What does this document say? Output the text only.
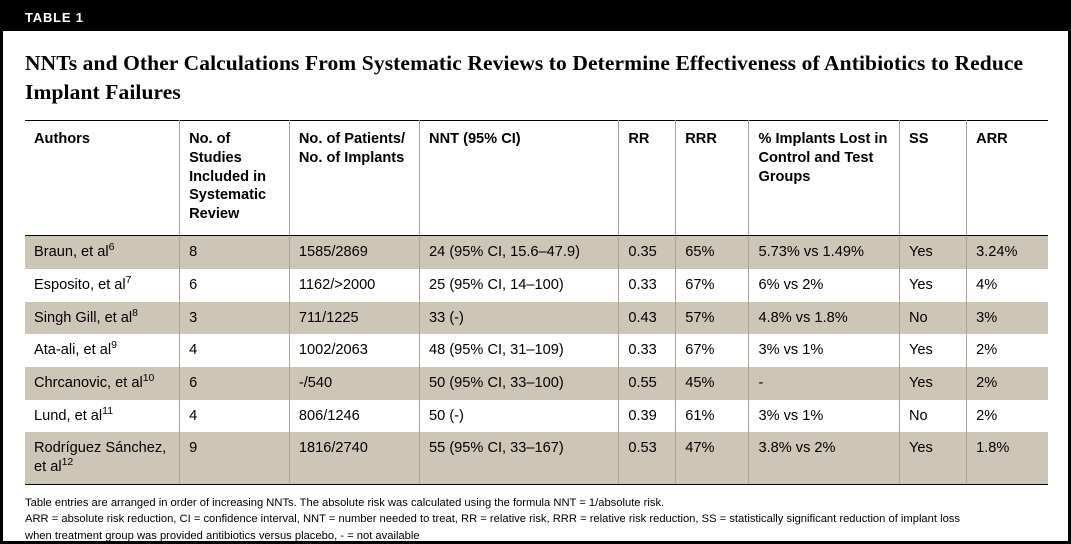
TABLE 1
NNTs and Other Calculations From Systematic Reviews to Determine Effectiveness of Antibiotics to Reduce Implant Failures
Authors	No. of Studies Included in Systematic Review	No. of Patients/ No. of Implants	NNT (95% CI)	RR	RRR	% Implants Lost in Control and Test Groups	SS	ARR
Braun, et $al^6$	8	1585/2869	24 (95% CI, 15.6–47.9)	0.35	65%	5.73% vs 1.49%	Yes	3.24%
Esposito, et $al^7$	6	1162/>2000	25 (95% CI, 14–100)	0.33	67%	6% vs 2%	Yes	4%
Singh Gill, et $al^8$	3	711/1225	33 (-)	0.43	57%	4.8% vs 1.8%	No	3%
Ata-ali, et $al^9$	4	1002/2063	48 (95% CI, 31–109)	0.33	67%	3% vs 1%	Yes	2%
Chrcanovic, et $al^{10}$	6	-/540	50 (95% CI, 33–100)	0.55	45%	-	Yes	2%
Lund, et $al^{11}$	4	806/1246	50 (-)	0.39	61%	3% vs 1%	No	2%
Rodríguez Sánchez, et $al^{12}$	9	1816/2740	55 (95% CI, 33–167)	0.53	47%	3.8% vs 2%	Yes	1.8%
Table entries are arranged in order of increasing NNTs. The absolute risk was calculated using the formula NNT = 1/absolute risk.
ARR = absolute risk reduction, CI = confidence interval, NNT = number needed to treat, RR = relative risk, RRR = relative risk reduction, SS = statistically significant reduction of implant loss
when treatment group was provided antibiotics versus placebo, - = not available
